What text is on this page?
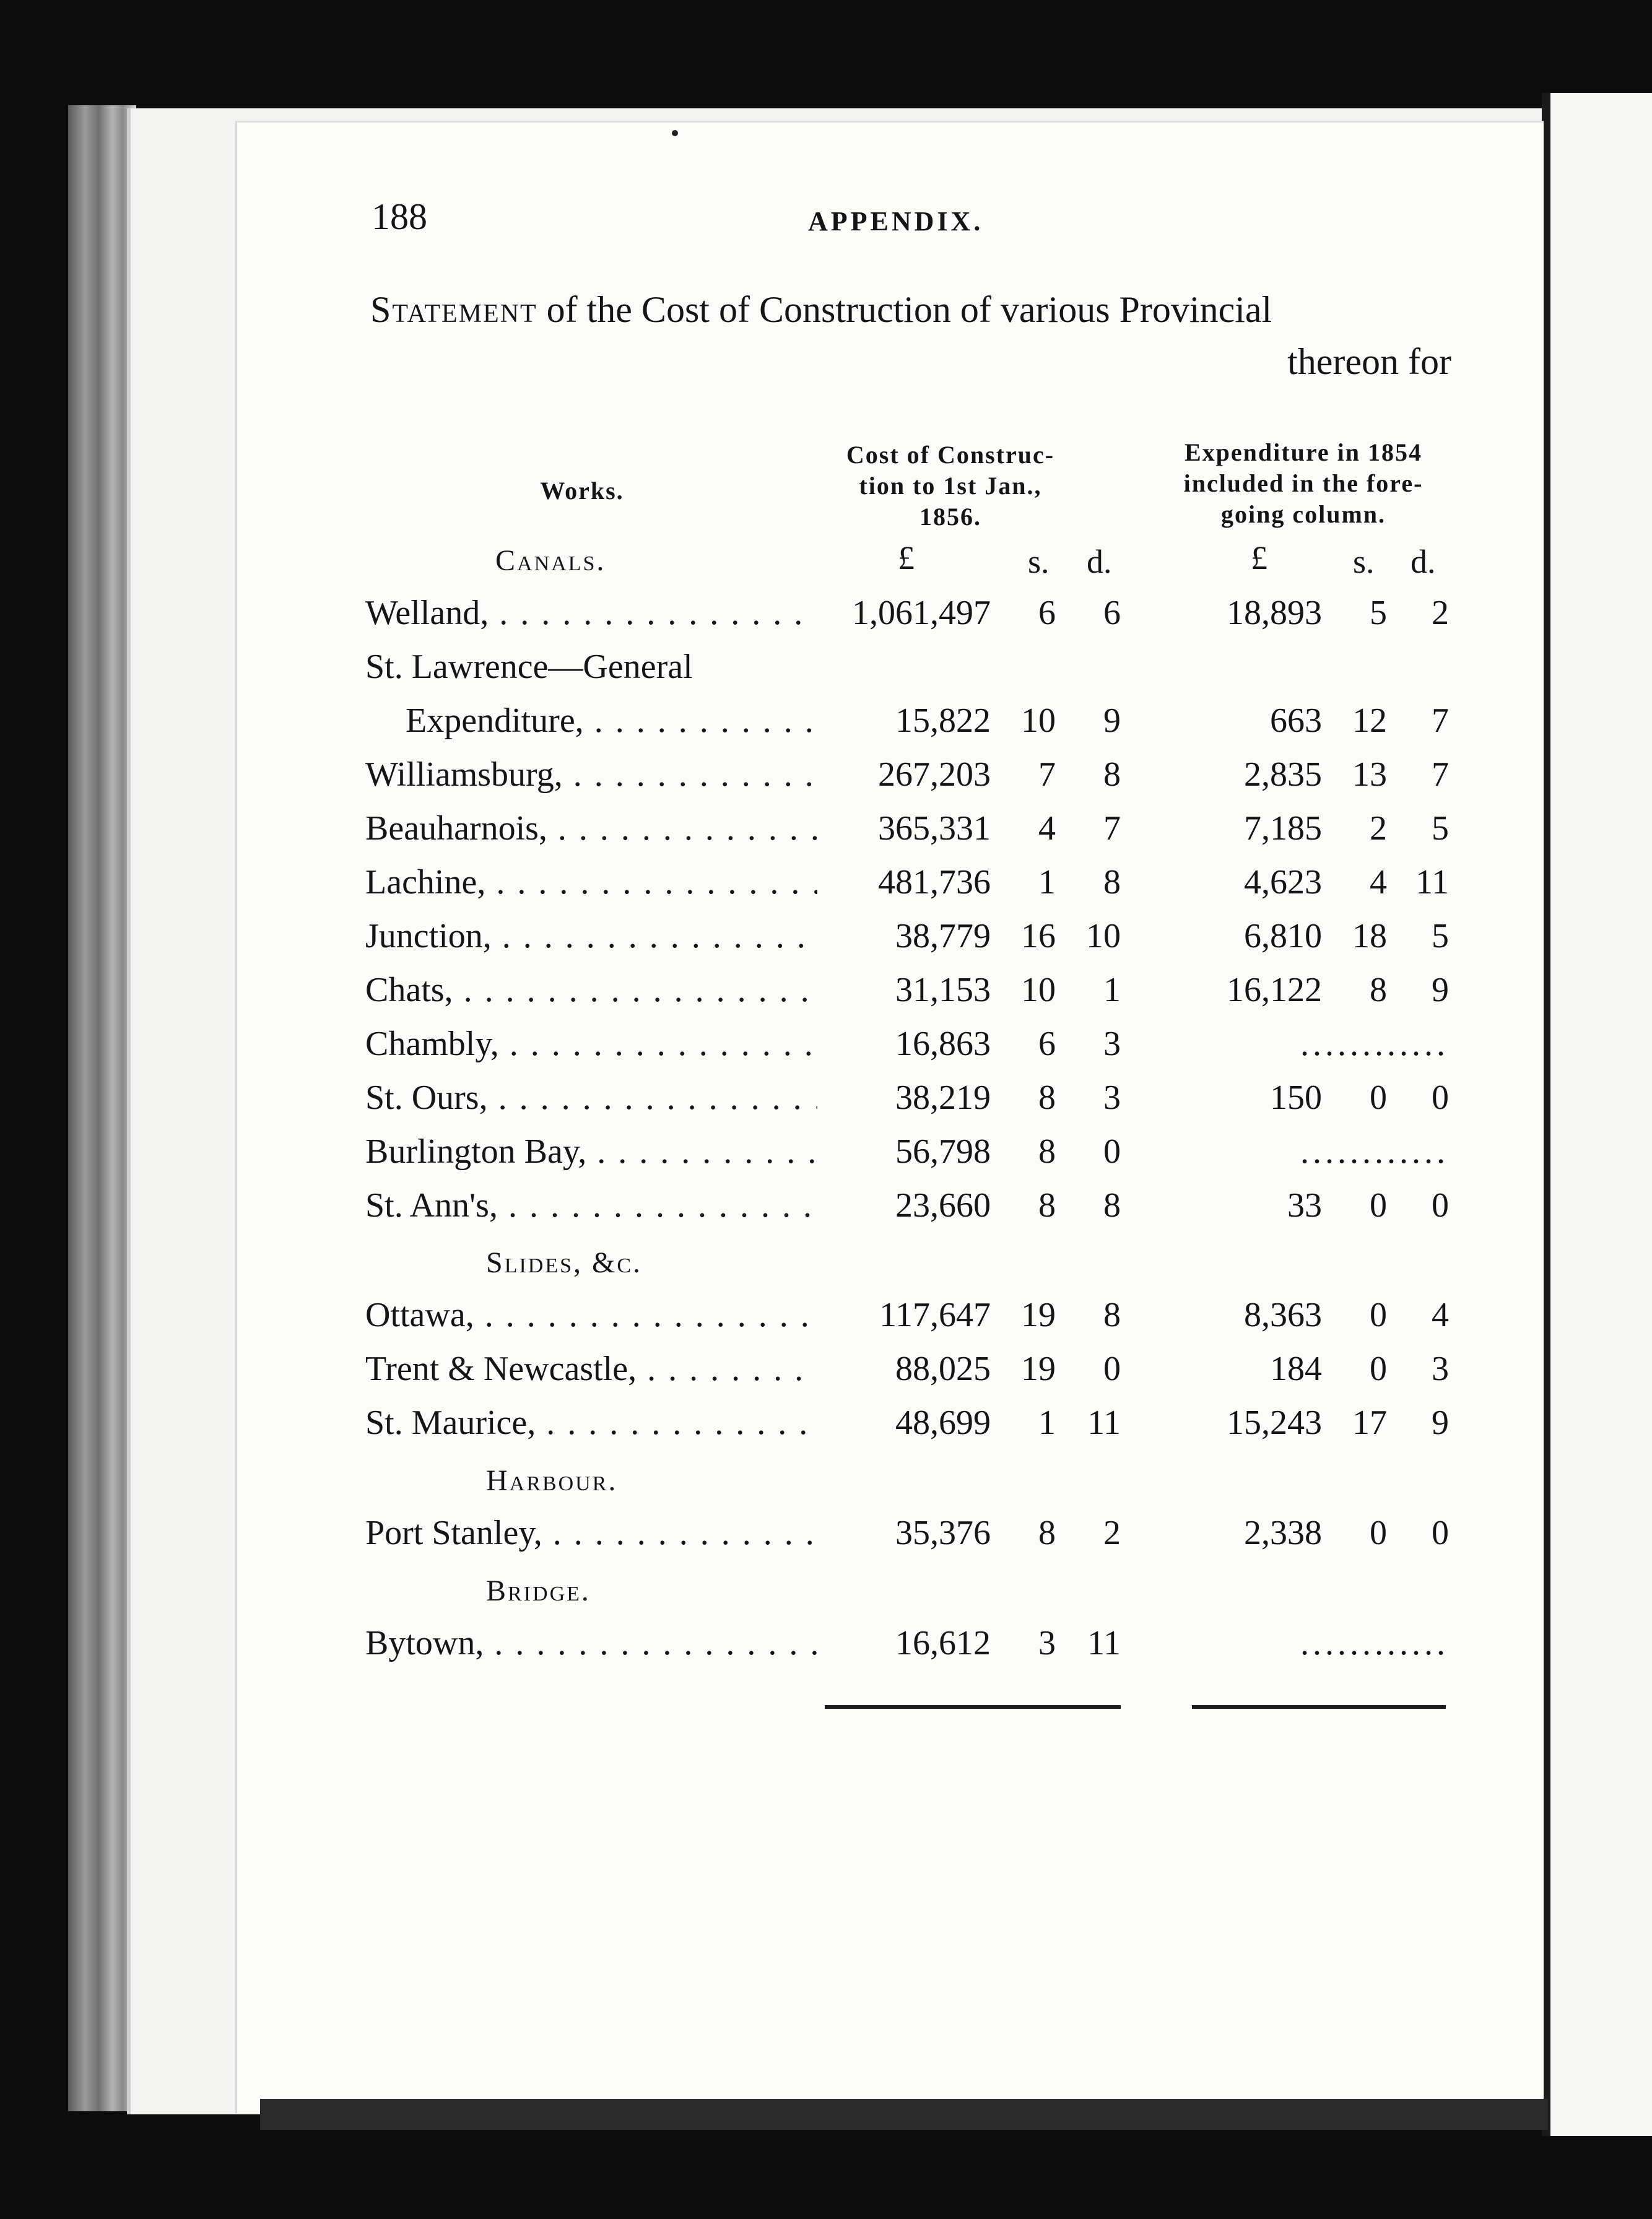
188	APPENDIX.
Statement of the Cost of Construction of various Provincial
thereon for
Works.
Cost of Construc-
tion to 1st Jan.,
1856.
Expenditure in 1854
included in the fore-
going column.
£	s. d.	£	s. d.
Canals.
Welland, . . .	1,061,497	6	6	18,893	5	2
St. Lawrence—General
Expenditure, . . .	15,822 10	9	663 12	7
Williamsburg, . . .	267,203	7	8	2,835 13	7
Beauharnois, . . .	365,331	4	7	7,185	2	5
Lachine, . . .	481,736	1	8	4,623	4 11
Junction, . . .	38,779 16 10	6,810 18	5
Chats, . . .	31,153 10	1	16,122	8	9
Chambly, . . .	16,863	6	3	............
St. Ours, . . .	38,219	8	3	150	0	0
Burlington Bay, . . .	56,798	8	0	............
St. Ann's, . . .	23,660	8	8	33	0	0
Slides, &c.
Ottawa, . . .	117,647 19	8	8,363	0	4
Trent & Newcastle, . . .	88,025 19	0	184	0	3
St. Maurice, . . .	48,699	1 11	15,243 17	9
Harbour.
Port Stanley, . . .	35,376	8	2	2,338	0	0
Bridge.
Bytown, . . .	16,612	3 11	............
